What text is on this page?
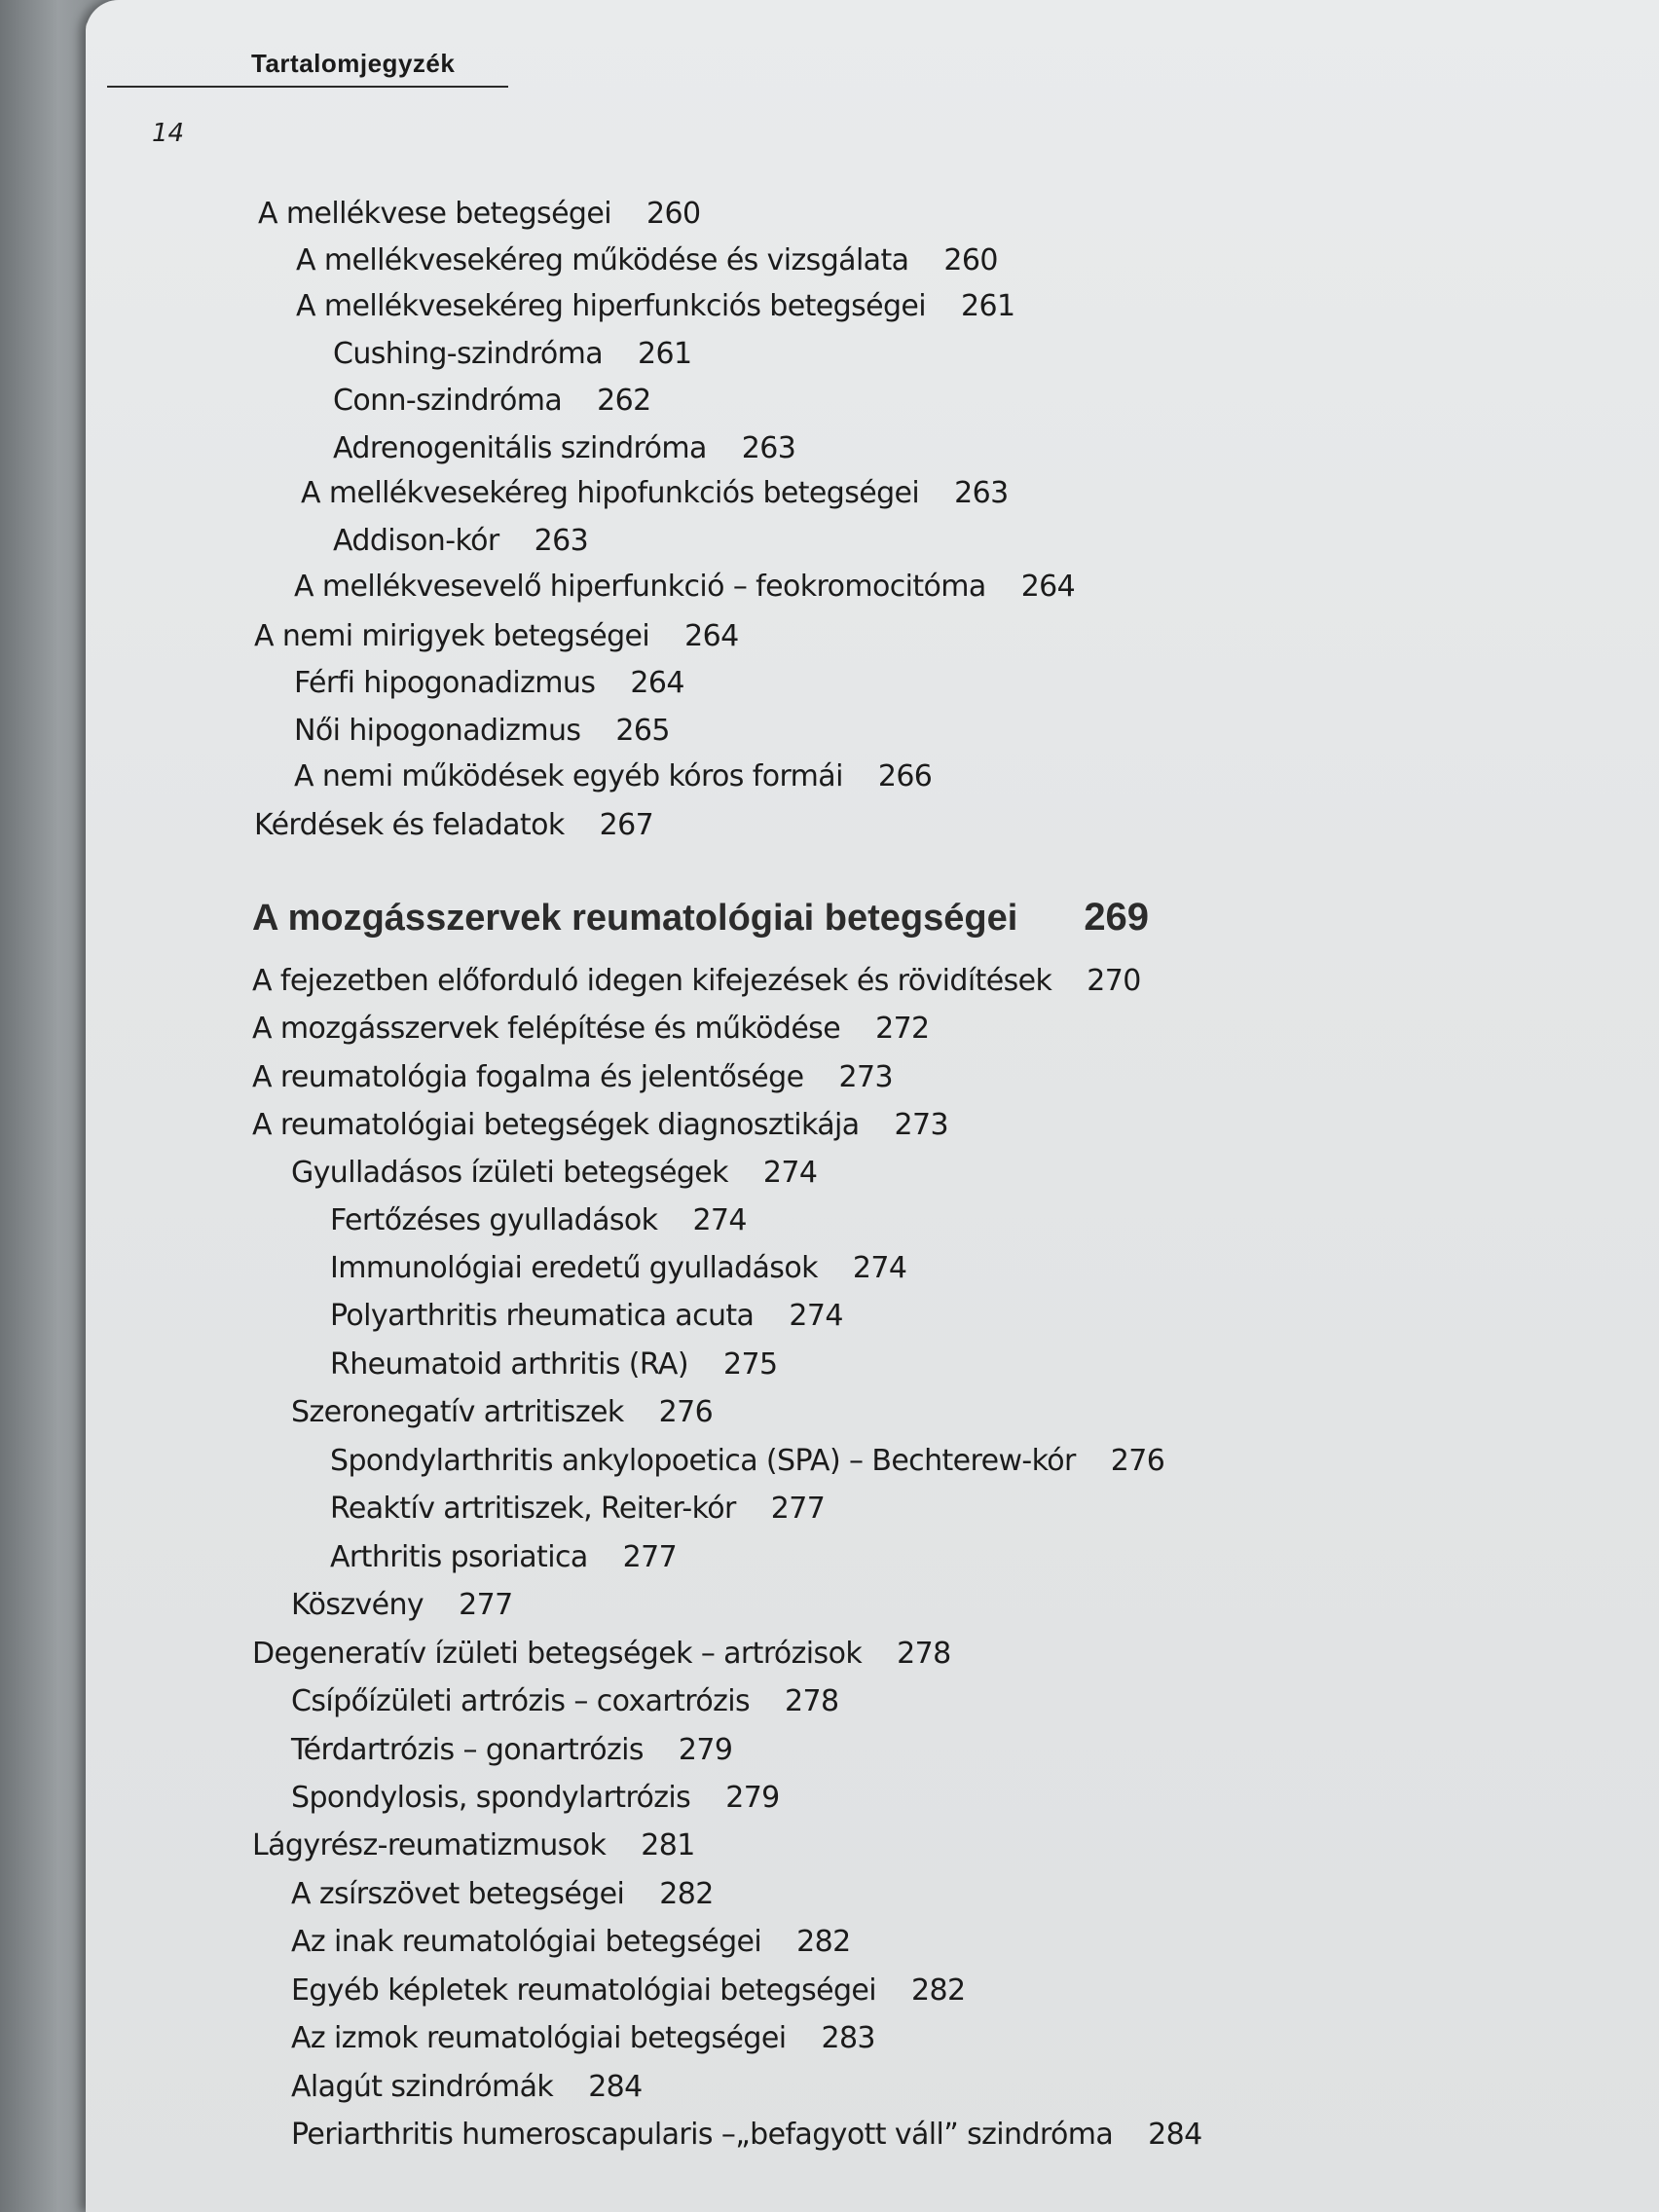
Tartalomjegyzék
14
A mellékvese betegségei 260
A mellékvesekéreg működése és vizsgálata 260
A mellékvesekéreg hiperfunkciós betegségei 261
Cushing-szindróma 261
Conn-szindróma 262
Adrenogenitális szindróma 263
A mellékvesekéreg hipofunkciós betegségei 263
Addison-kór 263
A mellékvesevelő hiperfunkció – feokromocitóma 264
A nemi mirigyek betegségei 264
Férfi hipogonadizmus 264
Női hipogonadizmus 265
A nemi működések egyéb kóros formái 266
Kérdések és feladatok 267
A mozgásszervek reumatológiai betegségei 269
A fejezetben előforduló idegen kifejezések és rövidítések 270
A mozgásszervek felépítése és működése 272
A reumatológia fogalma és jelentősége 273
A reumatológiai betegségek diagnosztikája 273
Gyulladásos ízületi betegségek 274
Fertőzéses gyulladások 274
Immunológiai eredetű gyulladások 274
Polyarthritis rheumatica acuta 274
Rheumatoid arthritis (RA) 275
Szeronegatív artritiszek 276
Spondylarthritis ankylopoetica (SPA) – Bechterew-kór 276
Reaktív artritiszek, Reiter-kór 277
Arthritis psoriatica 277
Köszvény 277
Degeneratív ízületi betegségek – artrózisok 278
Csípőízületi artrózis – coxartrózis 278
Térdartrózis – gonartrózis 279
Spondylosis, spondylartrózis 279
Lágyrész-reumatizmusok 281
A zsírszövet betegségei 282
Az inak reumatológiai betegségei 282
Egyéb képletek reumatológiai betegségei 282
Az izmok reumatológiai betegségei 283
Alagút szindrómák 284
Periarthritis humeroscapularis –„befagyott váll” szindróma 284
